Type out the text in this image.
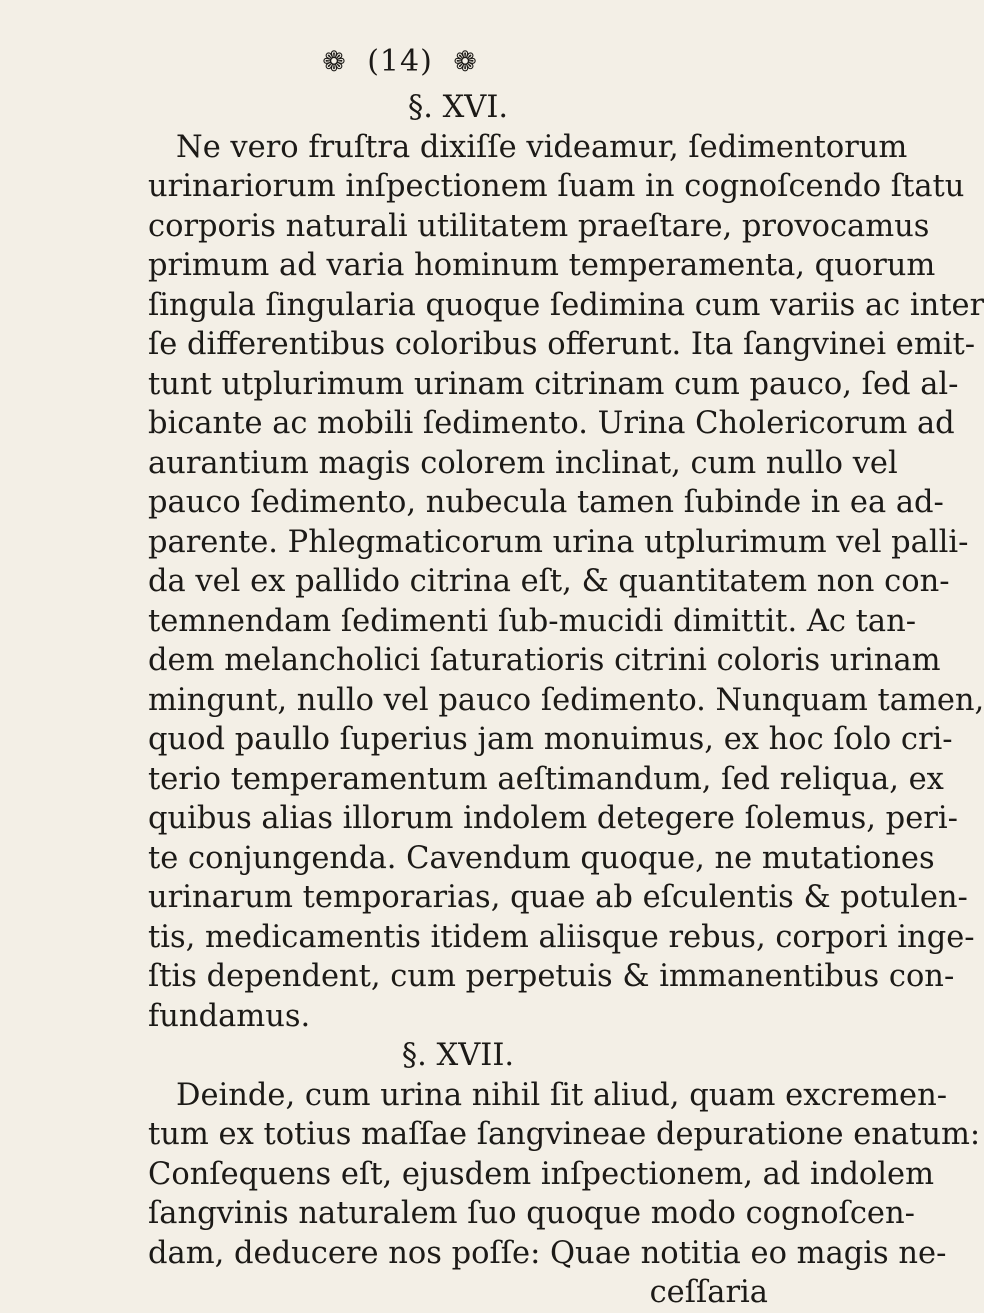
❁ (14) ❁
§. XVI.
Ne vero fruſtra dixiſſe videamur, ſedimentorum
urinariorum inſpectionem ſuam in cognoſcendo ſtatu
corporis naturali utilitatem praeſtare, provocamus
primum ad varia hominum temperamenta, quorum
ſingula ſingularia quoque ſedimina cum variis ac inter
ſe differentibus coloribus offerunt. Ita ſangvinei emit-
tunt utplurimum urinam citrinam cum pauco, ſed al-
bicante ac mobili ſedimento. Urina Cholericorum ad
aurantium magis colorem inclinat, cum nullo vel
pauco ſedimento, nubecula tamen ſubinde in ea ad-
parente. Phlegmaticorum urina utplurimum vel palli-
da vel ex pallido citrina eſt, & quantitatem non con-
temnendam ſedimenti ſub-mucidi dimittit. Ac tan-
dem melancholici ſaturatioris citrini coloris urinam
mingunt, nullo vel pauco ſedimento. Nunquam tamen,
quod paullo ſuperius jam monuimus, ex hoc ſolo cri-
terio temperamentum aeſtimandum, ſed reliqua, ex
quibus alias illorum indolem detegere ſolemus, peri-
te conjungenda. Cavendum quoque, ne mutationes
urinarum temporarias, quae ab eſculentis & potulen-
tis, medicamentis itidem aliisque rebus, corpori inge-
ſtis dependent, cum perpetuis & immanentibus con-
fundamus.
§. XVII.
Deinde, cum urina nihil ſit aliud, quam excremen-
tum ex totius maſſae ſangvineae depuratione enatum:
Conſequens eſt, ejusdem inſpectionem, ad indolem
ſangvinis naturalem ſuo quoque modo cognoſcen-
dam, deducere nos poſſe: Quae notitia eo magis ne-
ceſſaria
